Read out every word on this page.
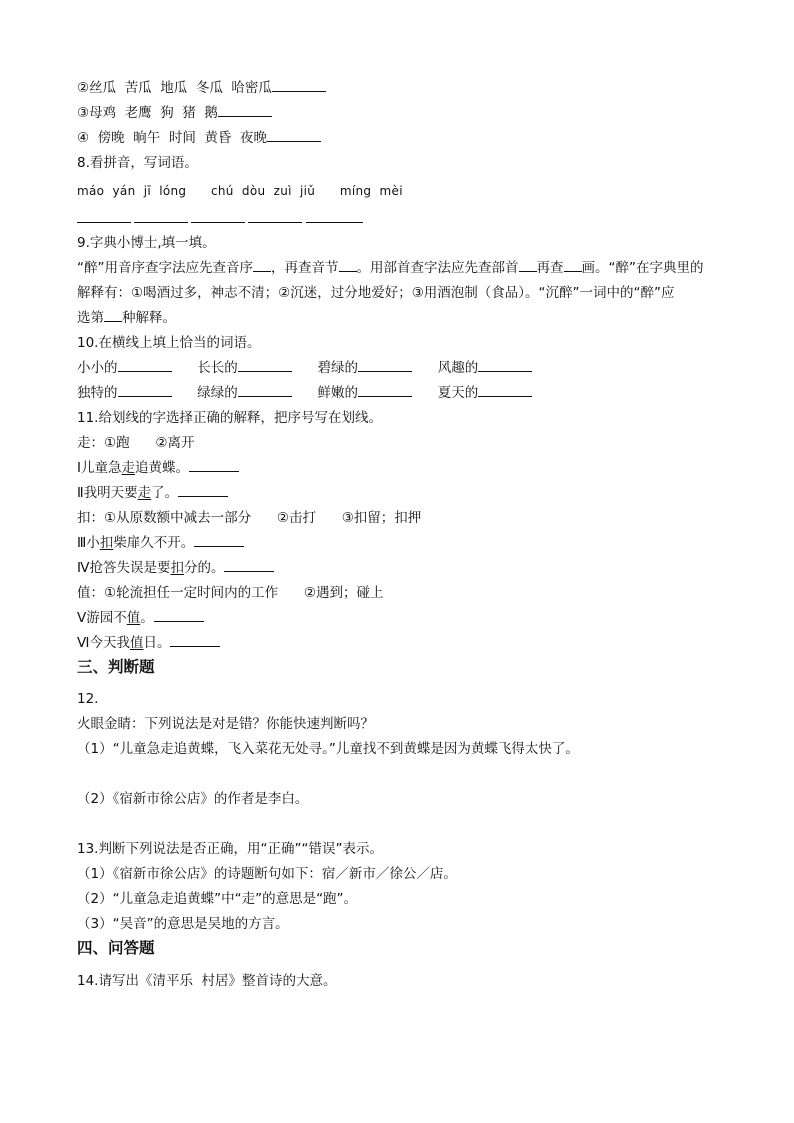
②丝瓜  苦瓜  地瓜  冬瓜  哈密瓜

③母鸡  老鹰  狗  猪  鹅

④  傍晚  晌午  时间  黄昏  夜晚

8.看拼音，写词语。

máo  yán  jī  lóng      chú  dòu  zuì  jiǔ      míng  mèi

9.字典小博士,填一填。

“醉”用音序查字法应先查音序 ，再查音节 。用部首查字法应先查部首 再查 画。“醉”在字典里的

解释有：①喝酒过多，神志不清；②沉迷，过分地爱好；③用酒泡制（食品）。“沉醉”一词中的“醉”应

选第 种解释。

10.在横线上填上恰当的词语。

小小的	长长的	碧绿的	风趣的

独特的	绿绿的	鲜嫩的	夏天的

11.给划线的字选择正确的解释，把序号写在划线。

走：①跑      ②离开

Ⅰ儿童急走追黄蝶。

Ⅱ我明天要走了。

扣：①从原数额中减去一部分      ②击打      ③扣留；扣押

Ⅲ小扣柴扉久不开。

Ⅳ抢答失误是要扣分的。

值：①轮流担任一定时间内的工作      ②遇到；碰上

Ⅴ游园不值。

Ⅵ今天我值日。

三、判断题

12.

火眼金睛：下列说法是对是错？你能快速判断吗？

（1）“儿童急走追黄蝶，飞入菜花无处寻。”儿童找不到黄蝶是因为黄蝶飞得太快了。

（2）《宿新市徐公店》的作者是李白。

13.判断下列说法是否正确，用“正确”“错误”表示。

（1）《宿新市徐公店》的诗题断句如下：宿／新市／徐公／店。

（2）“儿童急走追黄蝶”中“走”的意思是“跑”。

（3）“吴音”的意思是吴地的方言。

四、问答题

14.请写出《清平乐  村居》整首诗的大意。
